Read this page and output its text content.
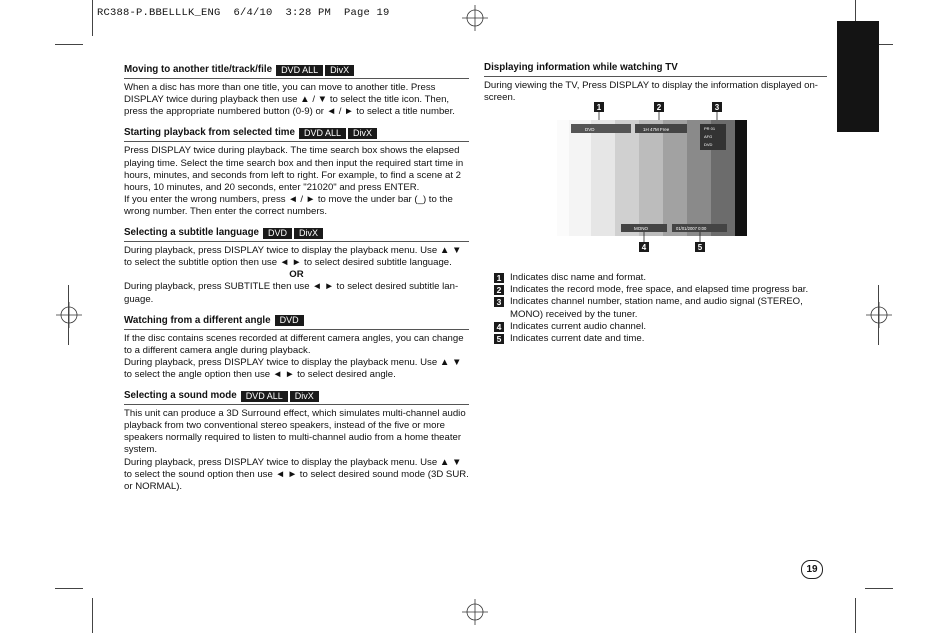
RC388-P.BBELLLK_ENG  6/4/10  3:28 PM  Page 19
Moving to another title/track/file	DVD ALL	DivX

When a disc has more than one title, you can move to another title. Press DISPLAY twice during playback then use ▲ / ▼ to select the title icon. Then, press the appropriate numbered button (0-9) or ◄ / ► to select a title number.

Starting playback from selected time	DVD ALL	DivX

Press DISPLAY twice during playback. The time search box shows the elapsed playing time. Select the time search box and then input the required start time in hours, minutes, and seconds from left to right. For example, to find a scene at 2 hours, 10 minutes, and 20 seconds, enter "21020" and press ENTER.

If you enter the wrong numbers, press ◄ / ► to move the under bar (_) to the wrong number. Then enter the correct numbers.

Selecting a subtitle language	DVD	DivX

During playback, press DISPLAY twice to display the playback menu. Use ▲ ▼ to select the subtitle option then use ◄ ► to select desired subtitle language.

OR

During playback, press SUBTITLE then use ◄ ► to select desired subtitle lan-guage.

Watching from a different angle	DVD

If the disc contains scenes recorded at different camera angles, you can change to a different camera angle during playback.

During playback, press DISPLAY twice to display the playback menu. Use ▲ ▼ to select the angle option then use ◄ ► to select desired angle.

Selecting a sound mode	DVD ALL	DivX

This unit can produce a 3D Surround effect, which simulates multi-channel audio playback from two conventional stereo speakers, instead of the five or more speakers normally required to listen to multi-channel audio from a home theater system.

During playback, press DISPLAY twice to display the playback menu. Use ▲ ▼ to select the sound option then use ◄ ► to select desired sound mode (3D SUR. or NORMAL).

Displaying information while watching TV

During viewing the TV, Press DISPLAY to display the information displayed on-screen.

1 Indicates disc name and format.
2 Indicates the record mode, free space, and elapsed time progress bar.
3 Indicates channel number, station name, and audio signal (STEREO, MONO) received by the tuner.
4 Indicates current audio channel.
5 Indicates current date and time.
1	2	3
DVD	1H 47M Free	PR 01
AFG
DVD
MONO	01/01/2007 0:00
4	5
19
